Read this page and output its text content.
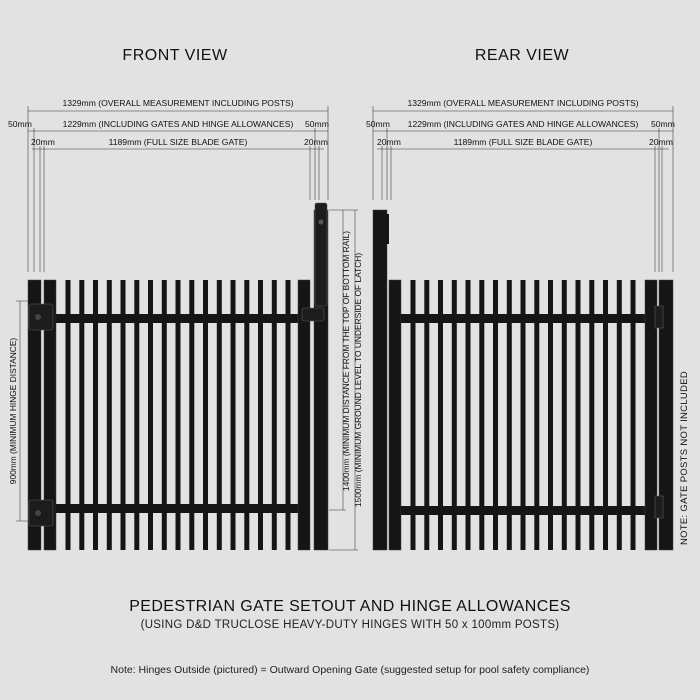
FRONT VIEW
1329mm (OVERALL MEASUREMENT INCLUDING POSTS)
1229mm (INCLUDING GATES AND HINGE ALLOWANCES)
1189mm (FULL SIZE BLADE GATE)
50mm	50mm
20mm	20mm
900mm (MINIMUM HINGE DISTANCE)	1400mm (MINIMUM DISTANCE FROM THE TOP OF BOTTOM RAIL) 1500mm (MINIMUM GROUND LEVEL TO UNDERSIDE OF LATCH)
REAR VIEW
1329mm (OVERALL MEASUREMENT INCLUDING POSTS)
1229mm (INCLUDING GATES AND HINGE ALLOWANCES)
1189mm (FULL SIZE BLADE GATE)
50mm	50mm
20mm	20mm
NOTE: GATE POSTS NOT INCLUDED
PEDESTRIAN GATE SETOUT AND HINGE ALLOWANCES
(USING D&D TRUCLOSE HEAVY-DUTY HINGES WITH 50 x 100mm POSTS)
Note: Hinges Outside (pictured) = Outward Opening Gate (suggested setup for pool safety compliance)
